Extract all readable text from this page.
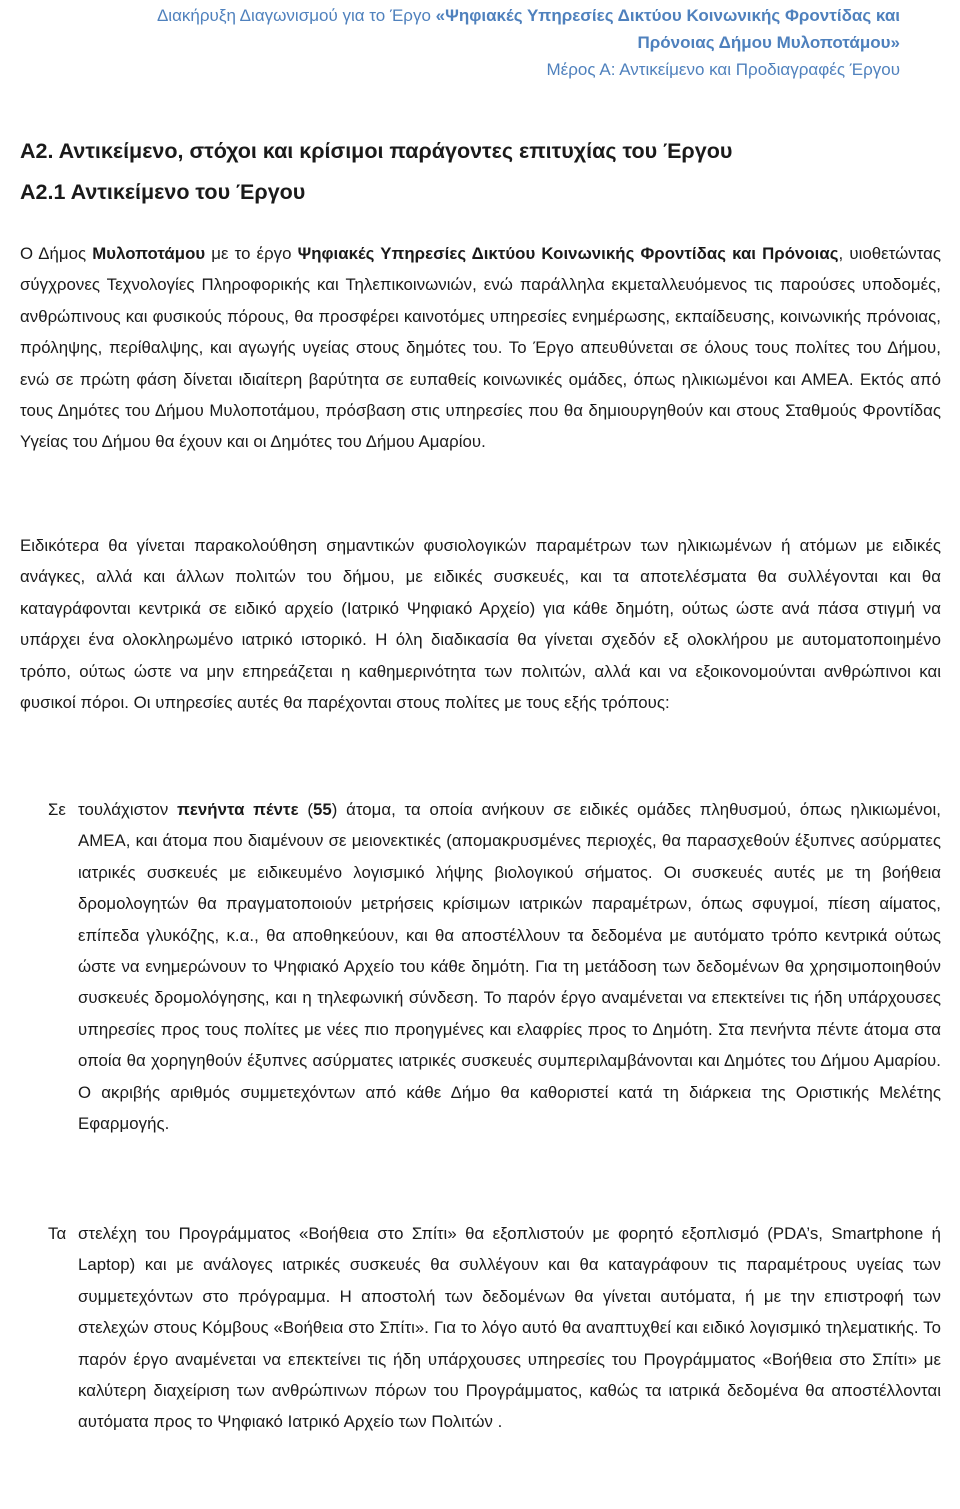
Διακήρυξη Διαγωνισμού για το Έργο «Ψηφιακές Υπηρεσίες Δικτύου Κοινωνικής Φροντίδας και
Πρόνοιας Δήμου Μυλοποτάμου»
Μέρος Α: Αντικείμενο και Προδιαγραφές Έργου
Α2. Αντικείμενο, στόχοι και κρίσιμοι παράγοντες επιτυχίας του Έργου
Α2.1 Αντικείμενο του Έργου
Ο Δήμος Μυλοποτάμου με το έργο Ψηφιακές Υπηρεσίες Δικτύου Κοινωνικής Φροντίδας και Πρόνοιας, υιοθετώντας σύγχρονες Τεχνολογίες Πληροφορικής και Τηλεπικοινωνιών, ενώ παράλληλα εκμεταλλευόμενος τις παρούσες υποδομές, ανθρώπινους και φυσικούς πόρους, θα προσφέρει καινοτόμες υπηρεσίες ενημέρωσης, εκπαίδευσης, κοινωνικής πρόνοιας, πρόληψης, περίθαλψης, και αγωγής υγείας στους δημότες του. Το Έργο απευθύνεται σε όλους τους πολίτες του Δήμου, ενώ σε πρώτη φάση δίνεται ιδιαίτερη βαρύτητα σε ευπαθείς κοινωνικές ομάδες, όπως ηλικιωμένοι και ΑΜΕΑ. Εκτός από τους Δημότες του Δήμου Μυλοποτάμου, πρόσβαση στις υπηρεσίες που θα δημιουργηθούν και στους Σταθμούς Φροντίδας Υγείας του Δήμου θα έχουν και οι Δημότες του Δήμου Αμαρίου.
Ειδικότερα θα γίνεται παρακολούθηση σημαντικών φυσιολογικών παραμέτρων των ηλικιωμένων ή ατόμων με ειδικές ανάγκες, αλλά και άλλων πολιτών του δήμου, με ειδικές συσκευές, και τα αποτελέσματα θα συλλέγονται και θα καταγράφονται κεντρικά σε ειδικό αρχείο (Ιατρικό Ψηφιακό Αρχείο) για κάθε δημότη, ούτως ώστε ανά πάσα στιγμή να υπάρχει ένα ολοκληρωμένο ιατρικό ιστορικό. Η όλη διαδικασία θα γίνεται σχεδόν εξ ολοκλήρου με αυτοματοποιημένο τρόπο, ούτως ώστε να μην επηρεάζεται η καθημερινότητα των πολιτών, αλλά και να εξοικονομούνται ανθρώπινοι και φυσικοί πόροι. Οι υπηρεσίες αυτές θα παρέχονται στους πολίτες με τους εξής τρόπους:
Σε τουλάχιστον πενήντα πέντε (55) άτομα, τα οποία ανήκουν σε ειδικές ομάδες πληθυσμού, όπως ηλικιωμένοι, ΑΜΕΑ, και άτομα που διαμένουν σε μειονεκτικές (απομακρυσμένες περιοχές, θα παρασχεθούν έξυπνες ασύρματες ιατρικές συσκευές με ειδικευμένο λογισμικό λήψης βιολογικού σήματος. Οι συσκευές αυτές με τη βοήθεια δρομολογητών θα πραγματοποιούν μετρήσεις κρίσιμων ιατρικών παραμέτρων, όπως σφυγμοί, πίεση αίματος, επίπεδα γλυκόζης, κ.α., θα αποθηκεύουν, και θα αποστέλλουν τα δεδομένα με αυτόματο τρόπο κεντρικά ούτως ώστε να ενημερώνουν το Ψηφιακό Αρχείο του κάθε δημότη. Για τη μετάδοση των δεδομένων θα χρησιμοποιηθούν συσκευές δρομολόγησης, και η τηλεφωνική σύνδεση. Το παρόν έργο αναμένεται να επεκτείνει τις ήδη υπάρχουσες υπηρεσίες προς τους πολίτες με νέες πιο προηγμένες και ελαφρίες προς το Δημότη. Στα πενήντα πέντε άτομα στα οποία θα χορηγηθούν έξυπνες ασύρματες ιατρικές συσκευές συμπεριλαμβάνονται και Δημότες του Δήμου Αμαρίου. Ο ακριβής αριθμός συμμετεχόντων από κάθε Δήμο θα καθοριστεί κατά τη διάρκεια της Οριστικής Μελέτης Εφαρμογής.
Τα στελέχη του Προγράμματος «Βοήθεια στο Σπίτι» θα εξοπλιστούν με φορητό εξοπλισμό (PDA’s, Smartphone ή Laptop) και με ανάλογες ιατρικές συσκευές θα συλλέγουν και θα καταγράφουν τις παραμέτρους υγείας των συμμετεχόντων στο πρόγραμμα. Η αποστολή των δεδομένων θα γίνεται αυτόματα, ή με την επιστροφή των στελεχών στους Κόμβους «Βοήθεια στο Σπίτι». Για το λόγο αυτό θα αναπτυχθεί και ειδικό λογισμικό τηλεματικής. Το παρόν έργο αναμένεται να επεκτείνει τις ήδη υπάρχουσες υπηρεσίες του Προγράμματος «Βοήθεια στο Σπίτι» με καλύτερη διαχείριση των ανθρώπινων πόρων του Προγράμματος, καθώς τα ιατρικά δεδομένα θα αποστέλλονται αυτόματα προς το Ψηφιακό Ιατρικό Αρχείο των Πολιτών .
